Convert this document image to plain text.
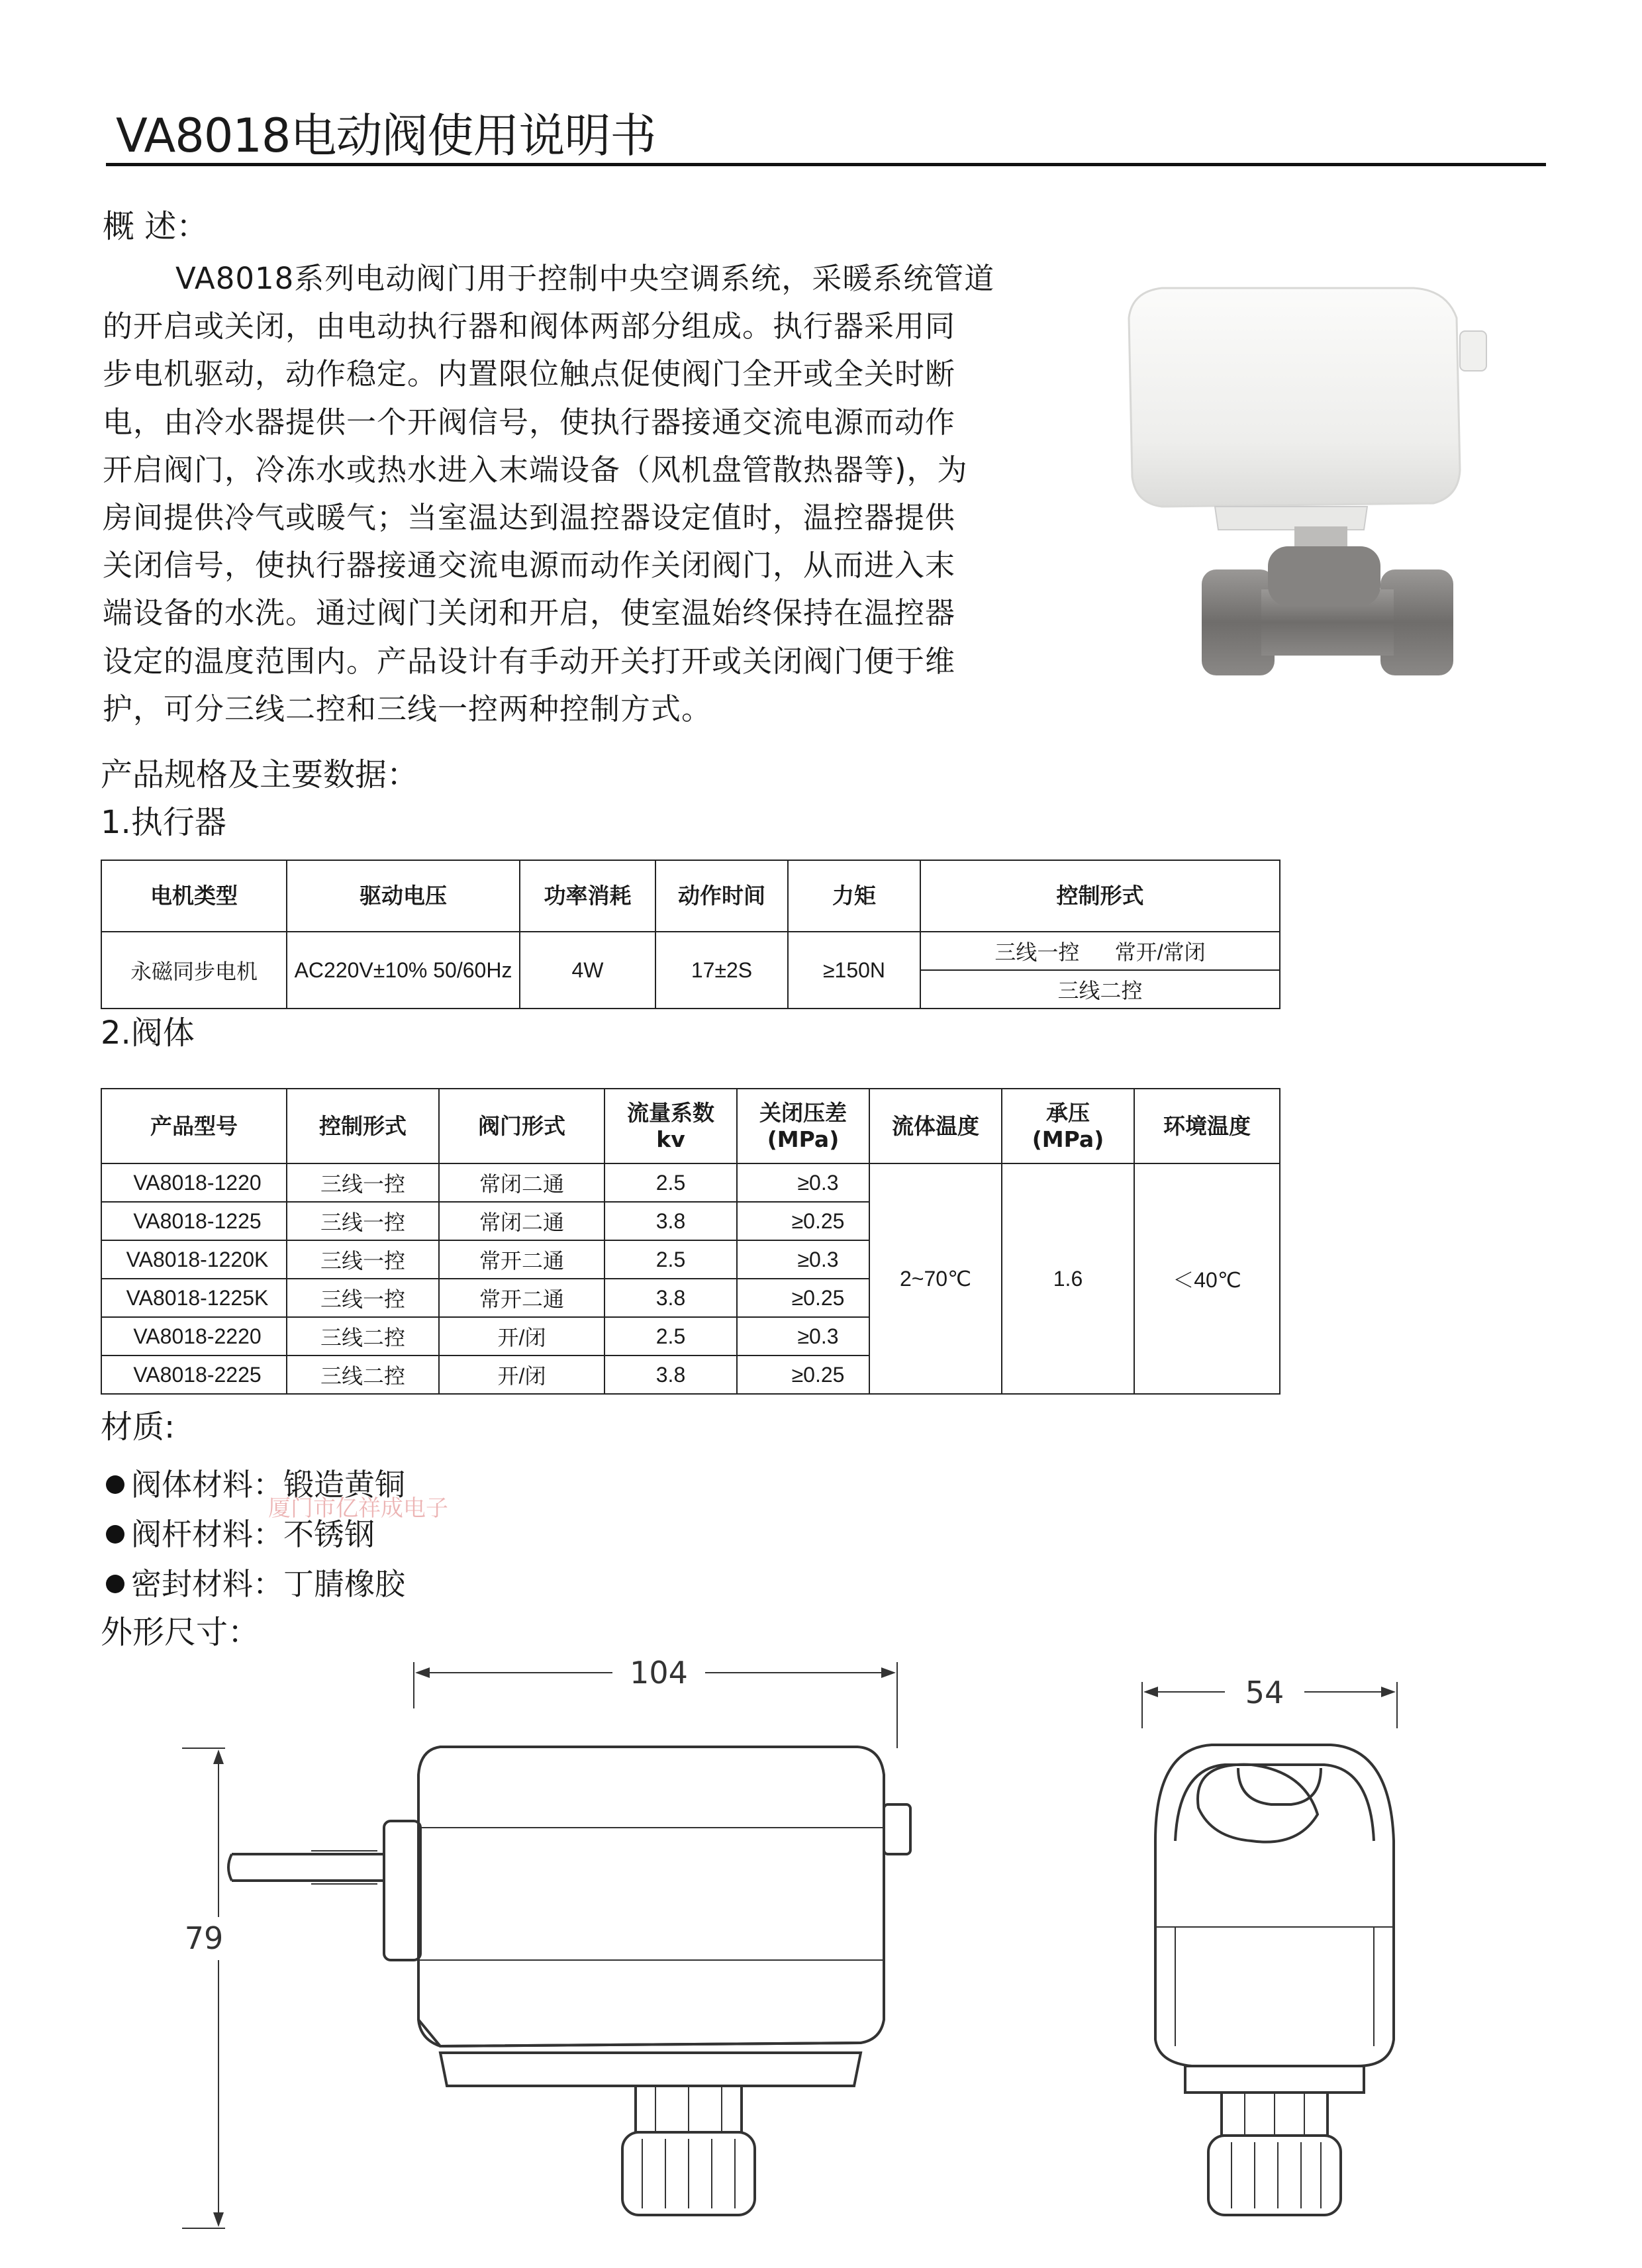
VA8018电动阀使用说明书
概 述：

VA8018系列电动阀门用于控制中央空调系统，采暖系统管道

的开启或关闭，由电动执行器和阀体两部分组成。执行器采用同

步电机驱动，动作稳定。内置限位触点促使阀门全开或全关时断

电，由冷水器提供一个开阀信号，使执行器接通交流电源而动作

开启阀门，冷冻水或热水进入末端设备（风机盘管散热器等)，为

房间提供冷气或暖气；当室温达到温控器设定值时，温控器提供

关闭信号，使执行器接通交流电源而动作关闭阀门，从而进入末

端设备的水洗。通过阀门关闭和开启，使室温始终保持在温控器

设定的温度范围内。产品设计有手动开关打开或关闭阀门便于维

护，可分三线二控和三线一控两种控制方式。

产品规格及主要数据：
1.执行器
电机类型	驱动电压	功率消耗	动作时间	力矩	控制形式
永磁同步电机	AC220V±10% 50/60Hz	4W	17±2S	≥150N	三线一控      常开/常闭
					三线二控
2.阀体
产品型号	控制形式	阀门形式	流量系数
kv	关闭压差
(MPa)	流体温度	承压
(MPa)	环境温度
VA8018-1220	三线一控	常闭二通	2.5	≥0.3	2~70℃	1.6	＜40℃
VA8018-1225	三线一控	常闭二通	3.8	≥0.25			
VA8018-1220K	三线一控	常开二通	2.5	≥0.3			
VA8018-1225K	三线一控	常开二通	3.8	≥0.25			
VA8018-2220	三线二控	开/闭	2.5	≥0.3			
VA8018-2225	三线二控	开/闭	3.8	≥0.25			
材质:
阀体材料：锻造黄铜
阀杆材料：不锈钢
密封材料：丁腈橡胶
厦门市亿祥成电子
外形尺寸：
104
79
54
